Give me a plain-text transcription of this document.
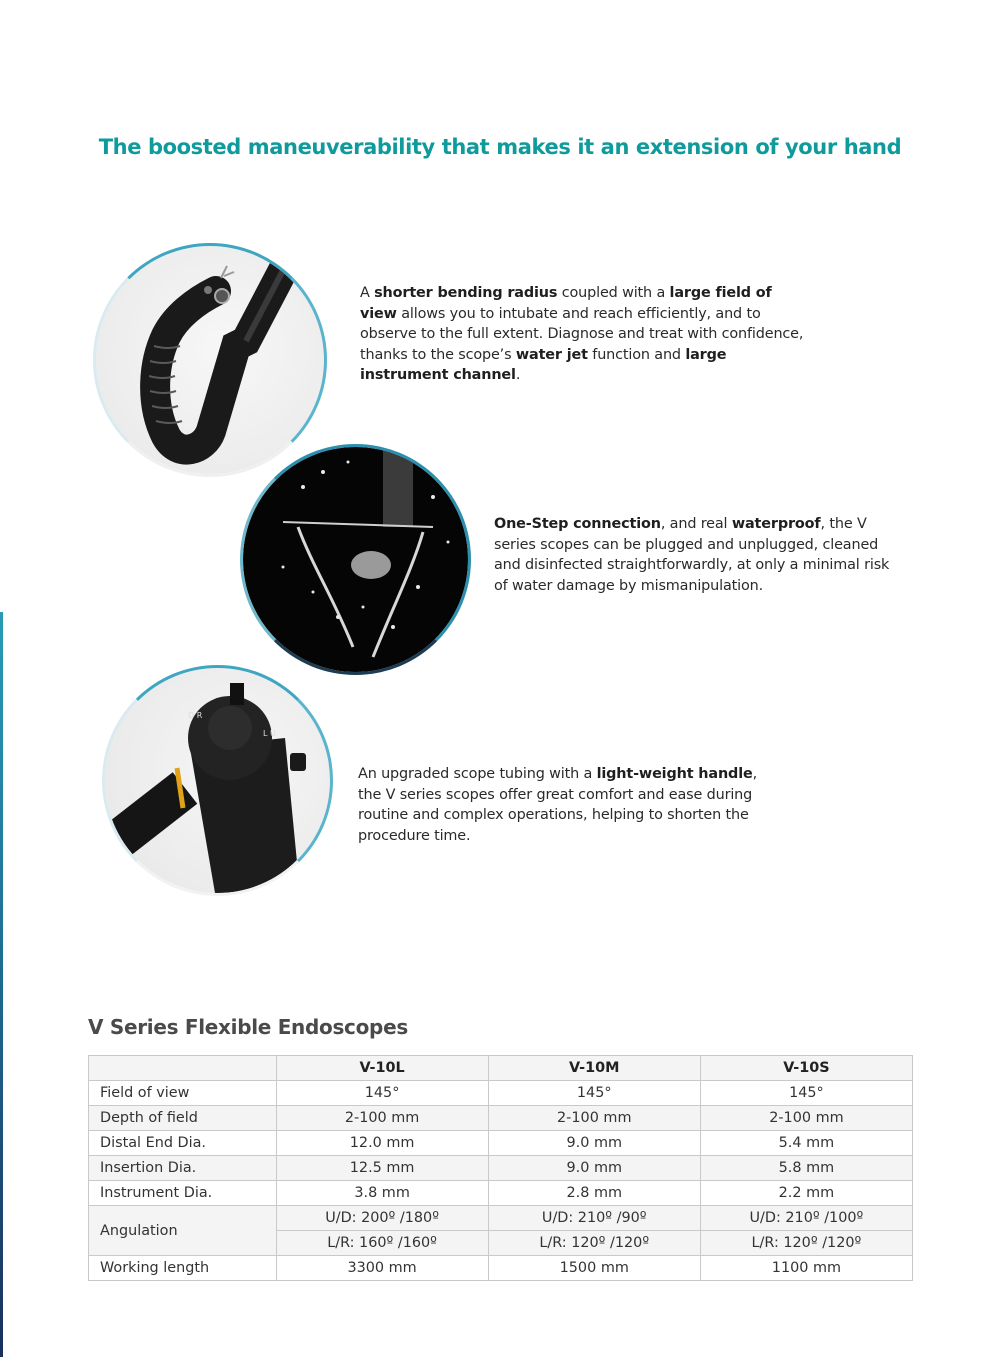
The boosted maneuverability that makes it an extension of your hand

A shorter bending radius coupled with a large field of view allows you to intubate and reach efficiently, and to observe to the full extent. Diagnose and treat with confidence, thanks to the scope’s water jet function and large instrument channel.

One-Step connection, and real waterproof, the V series scopes can be plugged and unplugged, cleaned and disinfected straightforwardly, at only a minimal risk of water damage by mismanipulation.

D R
L U

An upgraded scope tubing with a light-weight handle, the V series scopes offer great comfort and ease during routine and complex operations, helping to shorten the procedure time.

V Series Flexible Endoscopes
	V-10L	V-10M	V-10S
Field of view	145°	145°	145°
Depth of field	2-100 mm	2-100 mm	2-100 mm
Distal End Dia.	12.0 mm	9.0 mm	5.4 mm
Insertion Dia.	12.5 mm	9.0 mm	5.8 mm
Instrument Dia.	3.8 mm	2.8 mm	2.2 mm
Angulation	U/D: 200º /180º	U/D: 210º /90º	U/D: 210º /100º
	L/R: 160º /160º	L/R: 120º /120º	L/R: 120º /120º
Working length	3300 mm	1500 mm	1100 mm
